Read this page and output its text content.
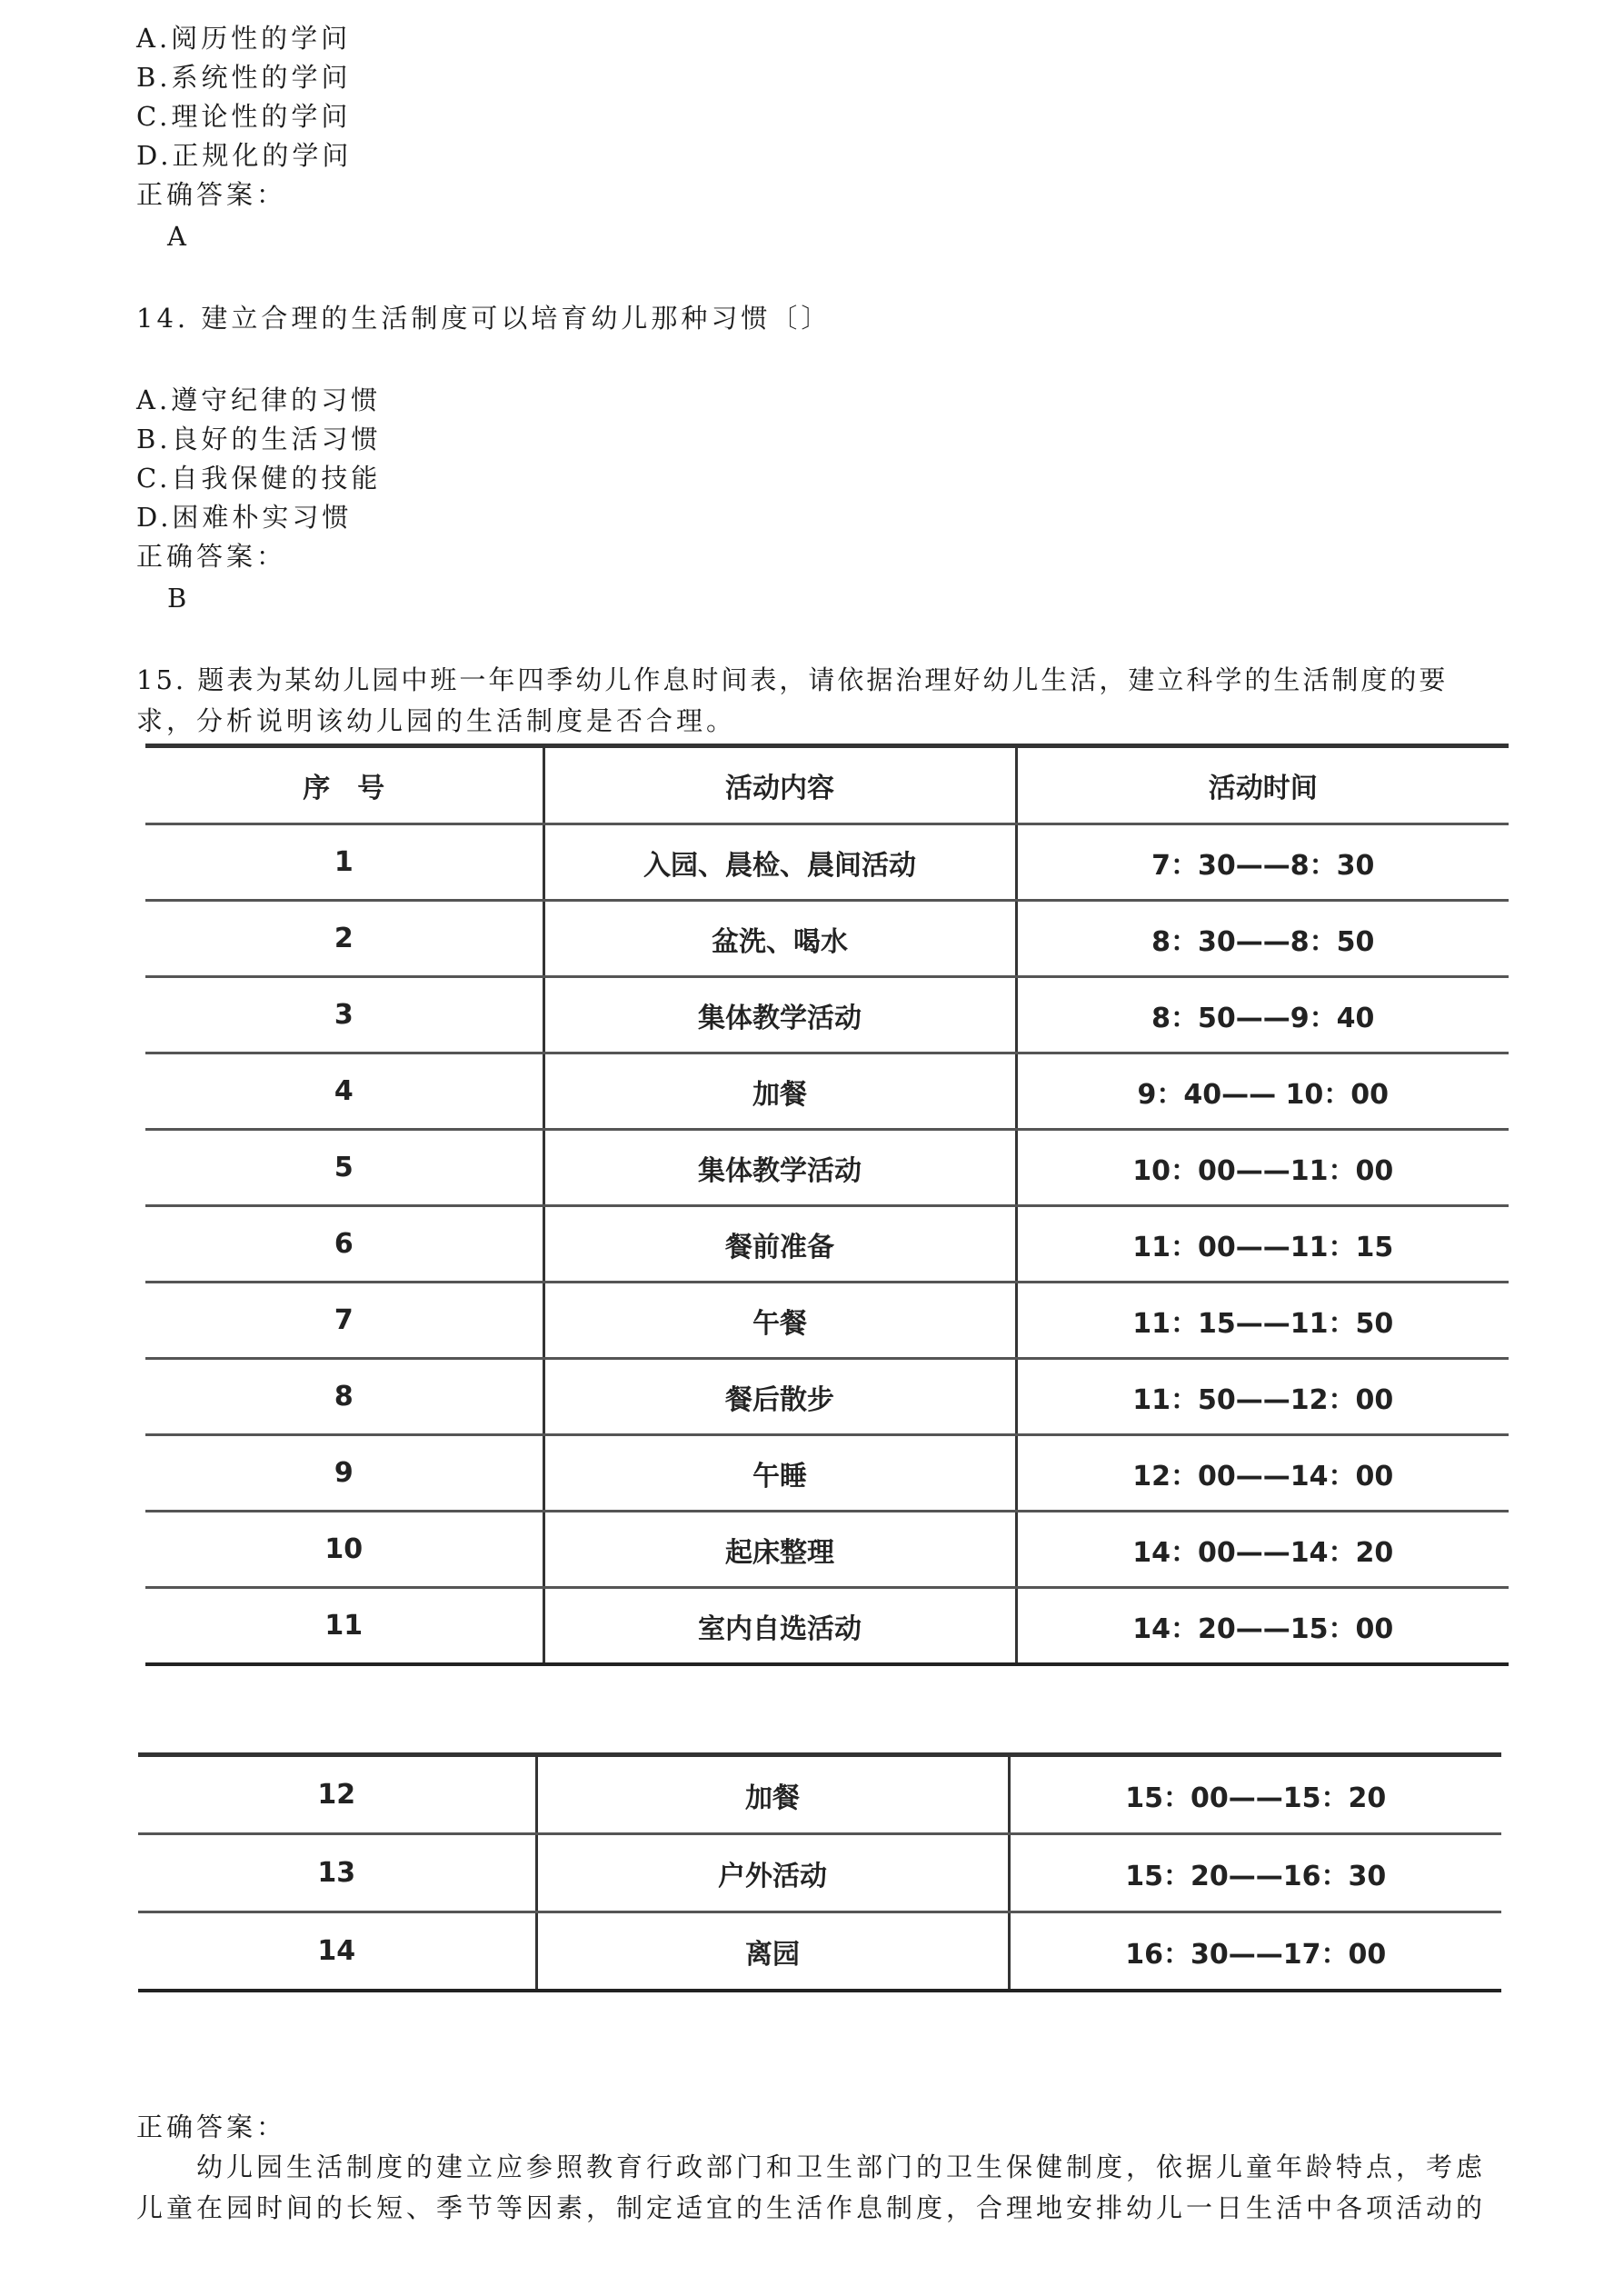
A.阅历性的学问
B.系统性的学问
C.理论性的学问
D.正规化的学问
正确答案：
A
14. 建立合理的生活制度可以培育幼儿那种习惯〔〕
A.遵守纪律的习惯
B.良好的生活习惯
C.自我保健的技能
D.困难朴实习惯
正确答案：
B
15. 题表为某幼儿园中班一年四季幼儿作息时间表，请依据治理好幼儿生活，建立科学的生活制度的要
求，分析说明该幼儿园的生活制度是否合理。
序　号	活动内容	活动时间
1	入园、晨检、晨间活动	7：30——8：30
2	盆洗、喝水	8：30——8：50
3	集体教学活动	8：50——9：40
4	加餐	9：40—— 10：00
5	集体教学活动	10：00——11：00
6	餐前准备	11：00——11：15
7	午餐	11：15——11：50
8	餐后散步	11：50——12：00
9	午睡	12：00——14：00
10	起床整理	14：00——14：20
11	室内自选活动	14：20——15：00
12	加餐	15：00——15：20
13	户外活动	15：20——16：30
14	离园	16：30——17：00
正确答案：
幼儿园生活制度的建立应参照教育行政部门和卫生部门的卫生保健制度，依据儿童年龄特点，考虑儿童在园时间的长短、季节等因素，制定适宜的生活作息制度，合理地安排幼儿一日生活中各项活动的
